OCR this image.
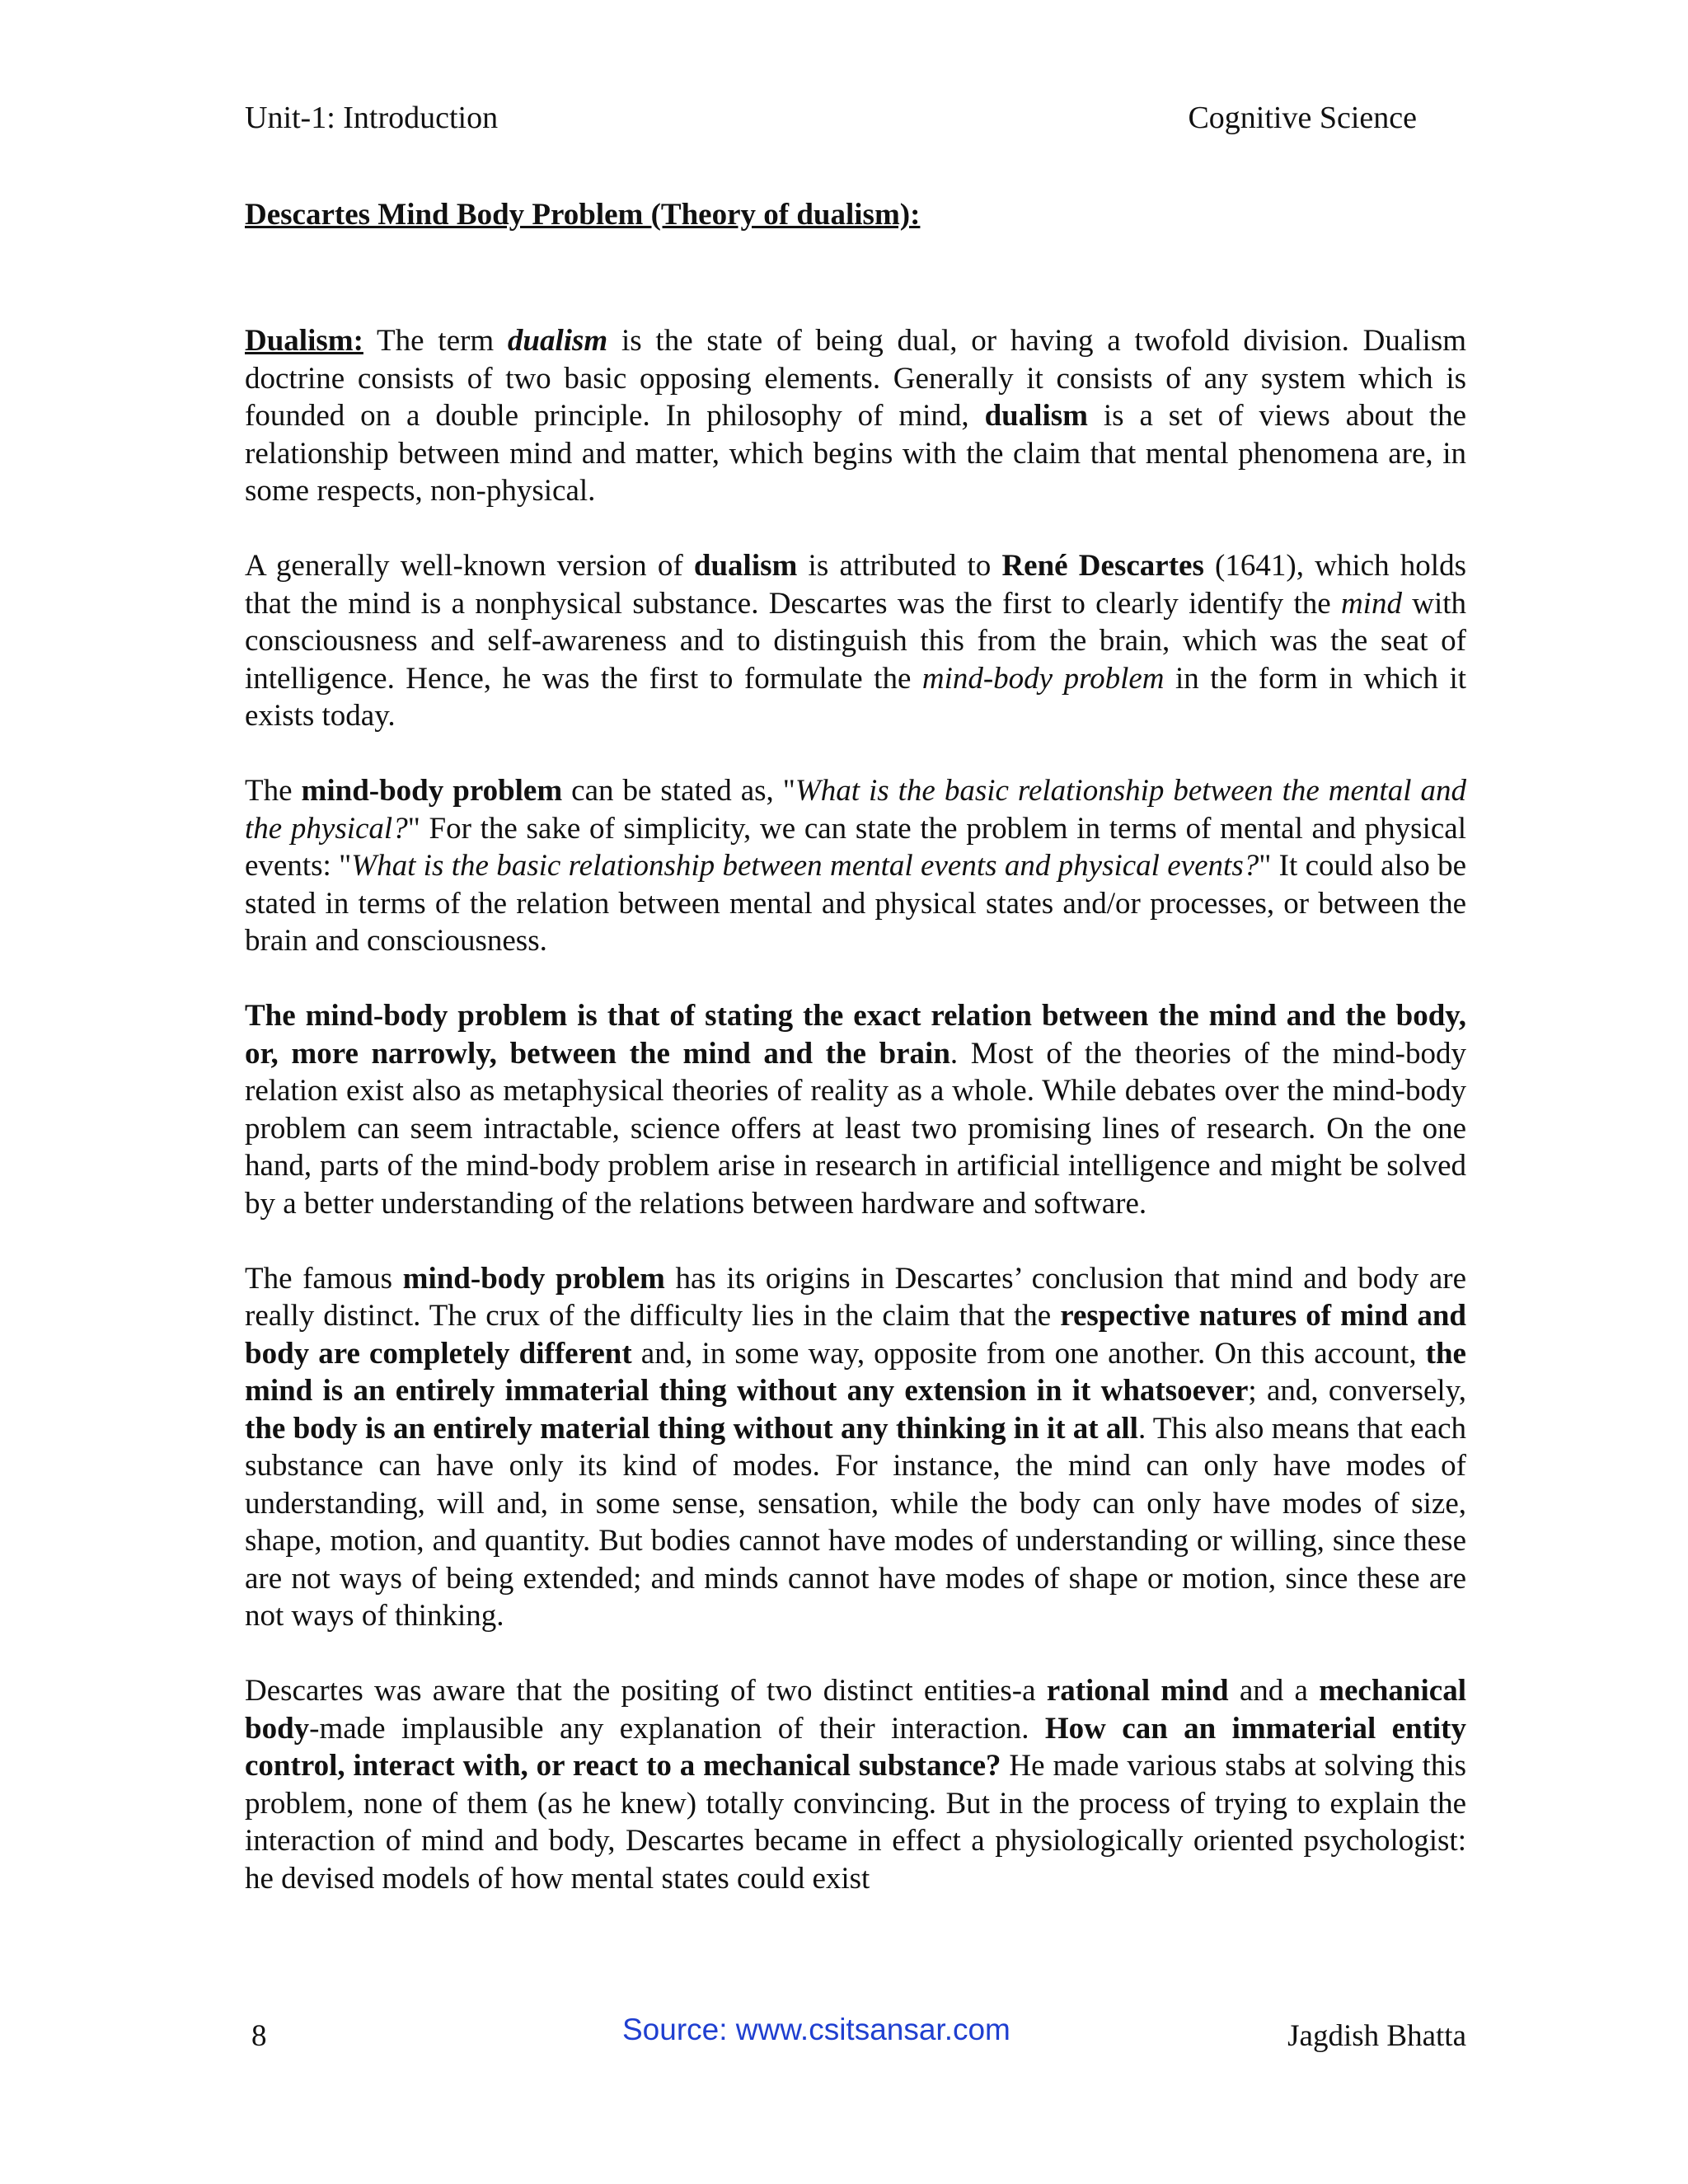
Unit-1: Introduction	Cognitive Science
Descartes Mind Body Problem (Theory of dualism):

Dualism: The term dualism is the state of being dual, or having a twofold division. Dualism doctrine consists of two basic opposing elements. Generally it consists of any system which is founded on a double principle. In philosophy of mind, dualism is a set of views about the relationship between mind and matter, which begins with the claim that mental phenomena are, in some respects, non-physical.

A generally well-known version of dualism is attributed to René Descartes (1641), which holds that the mind is a nonphysical substance. Descartes was the first to clearly identify the mind with consciousness and self-awareness and to distinguish this from the brain, which was the seat of intelligence. Hence, he was the first to formulate the mind-body problem in the form in which it exists today.

The mind-body problem can be stated as, "What is the basic relationship between the mental and the physical?" For the sake of simplicity, we can state the problem in terms of mental and physical events: "What is the basic relationship between mental events and physical events?" It could also be stated in terms of the relation between mental and physical states and/or processes, or between the brain and consciousness.

The mind-body problem is that of stating the exact relation between the mind and the body, or, more narrowly, between the mind and the brain. Most of the theories of the mind-body relation exist also as metaphysical theories of reality as a whole. While debates over the mind-body problem can seem intractable, science offers at least two promising lines of research. On the one hand, parts of the mind-body problem arise in research in artificial intelligence and might be solved by a better understanding of the relations between hardware and software.

The famous mind-body problem has its origins in Descartes’ conclusion that mind and body are really distinct. The crux of the difficulty lies in the claim that the respective natures of mind and body are completely different and, in some way, opposite from one another. On this account, the mind is an entirely immaterial thing without any extension in it whatsoever; and, conversely, the body is an entirely material thing without any thinking in it at all. This also means that each substance can have only its kind of modes. For instance, the mind can only have modes of understanding, will and, in some sense, sensation, while the body can only have modes of size, shape, motion, and quantity. But bodies cannot have modes of understanding or willing, since these are not ways of being extended; and minds cannot have modes of shape or motion, since these are not ways of thinking.

Descartes was aware that the positing of two distinct entities-a rational mind and a mechanical body-made implausible any explanation of their interaction. How can an immaterial entity control, interact with, or react to a mechanical substance? He made various stabs at solving this problem, none of them (as he knew) totally convincing. But in the process of trying to explain the interaction of mind and body, Descartes became in effect a physiologically oriented psychologist: he devised models of how mental states could exist

8	Source: www.csitsansar.com	Jagdish Bhatta
